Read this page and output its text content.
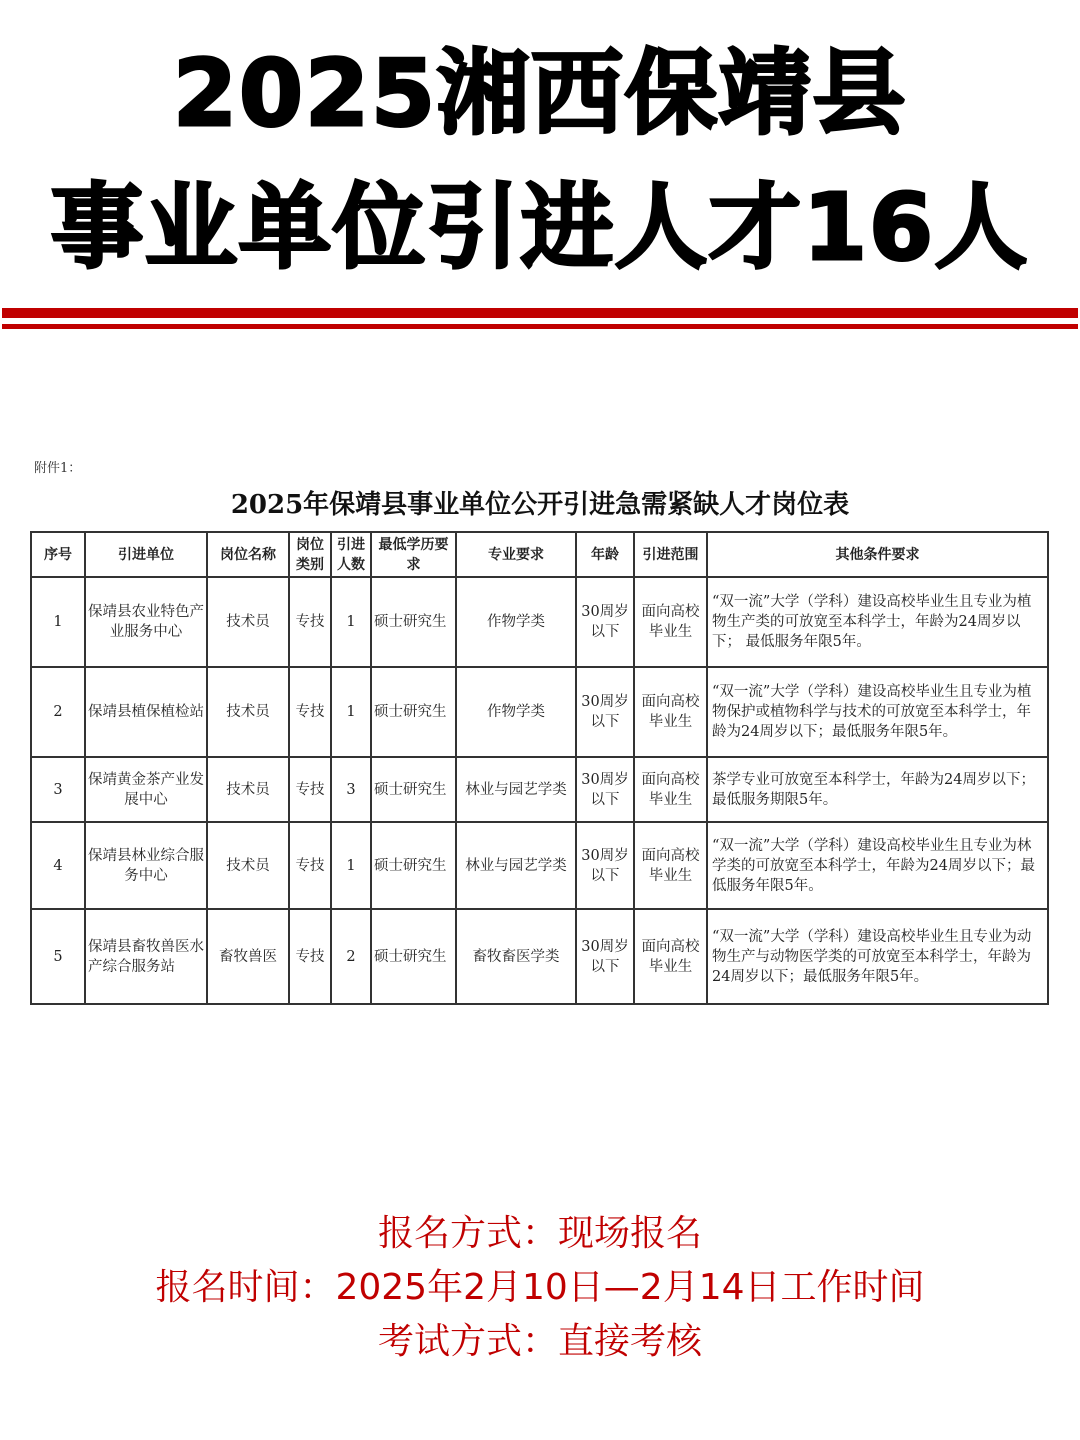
2025湘西保靖县
事业单位引进人才16人
附件1：
2025年保靖县事业单位公开引进急需紧缺人才岗位表
序号	引进单位	岗位名称	岗位类别	引进人数	最低学历要求	专业要求	年龄	引进范围	其他条件要求
1	保靖县农业特色产业服务中心	技术员	专技	1	硕士研究生	作物学类	30周岁以下	面向高校毕业生	“双一流”大学（学科）建设高校毕业生且专业为植物生产类的可放宽至本科学士，年龄为24周岁以下； 最低服务年限5年。
2	保靖县植保植检站	技术员	专技	1	硕士研究生	作物学类	30周岁以下	面向高校毕业生	“双一流”大学（学科）建设高校毕业生且专业为植物保护或植物科学与技术的可放宽至本科学士，年龄为24周岁以下；最低服务年限5年。
3	保靖黄金茶产业发展中心	技术员	专技	3	硕士研究生	林业与园艺学类	30周岁以下	面向高校毕业生	茶学专业可放宽至本科学士，年龄为24周岁以下；最低服务期限5年。
4	保靖县林业综合服务中心	技术员	专技	1	硕士研究生	林业与园艺学类	30周岁以下	面向高校毕业生	“双一流”大学（学科）建设高校毕业生且专业为林学类的可放宽至本科学士，年龄为24周岁以下；最低服务年限5年。
5	保靖县畜牧兽医水产综合服务站	畜牧兽医	专技	2	硕士研究生	畜牧畜医学类	30周岁以下	面向高校毕业生	“双一流”大学（学科）建设高校毕业生且专业为动物生产与动物医学类的可放宽至本科学士，年龄为24周岁以下；最低服务年限5年。
报名方式：现场报名
报名时间：2025年2月10日—2月14日工作时间
考试方式：直接考核
